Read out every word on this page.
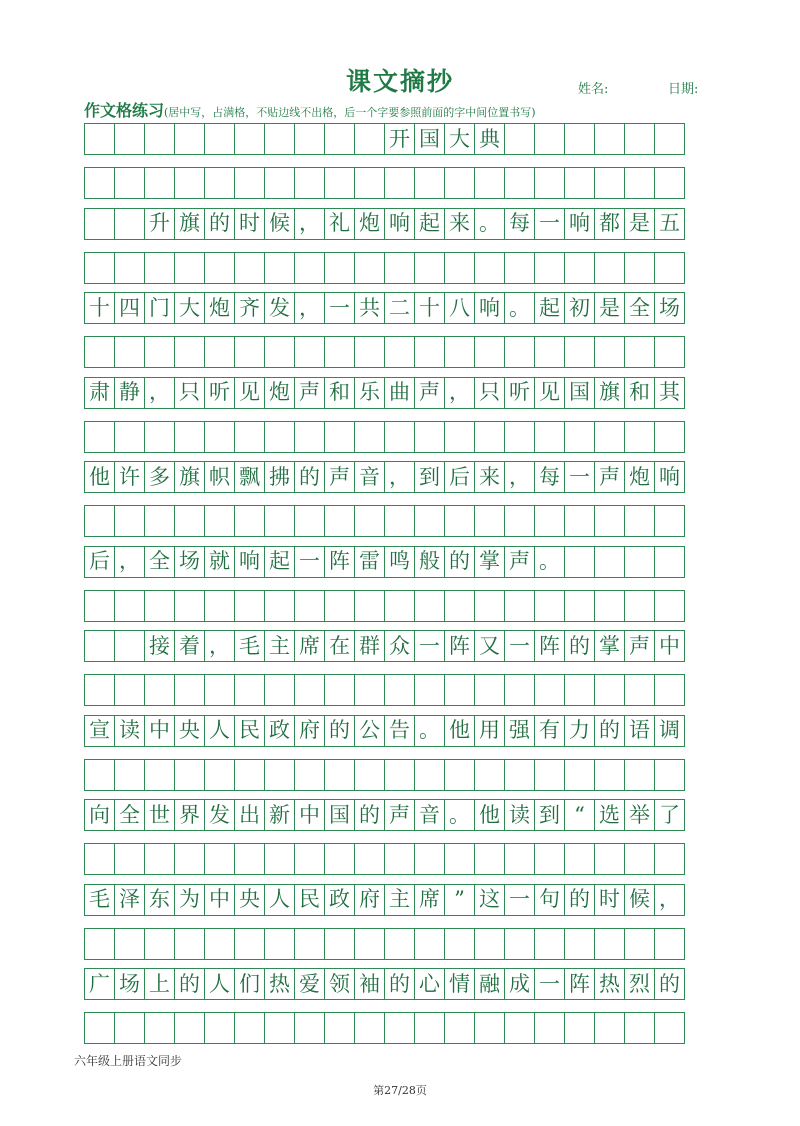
课文摘抄	姓名:	日期:
作文格练习(居中写，占满格，不贴边线不出格，后一个字要参照前面的字中间位置书写)
开 国 大 典
升 旗 的 时 候 ， 礼 炮 响 起 来 。 每 一 响 都 是 五
十 四 门 大 炮 齐 发 ， 一 共 二 十 八 响 。 起 初 是 全 场
肃 静 ， 只 听 见 炮 声 和 乐 曲 声 ， 只 听 见 国 旗 和 其
他 许 多 旗 帜 飘 拂 的 声 音 ， 到 后 来 ， 每 一 声 炮 响
后 ， 全 场 就 响 起 一 阵 雷 鸣 般 的 掌 声 。
接 着 ， 毛 主 席 在 群 众 一 阵 又 一 阵 的 掌 声 中
宣 读 中 央 人 民 政 府 的 公 告 。 他 用 强 有 力 的 语 调
向 全 世 界 发 出 新 中 国 的 声 音 。 他 读 到 “ 选 举 了
毛 泽 东 为 中 央 人 民 政 府 主 席 ” 这 一 句 的 时 候 ，
广 场 上 的 人 们 热 爱 领 袖 的 心 情 融 成 一 阵 热 烈 的
六年级上册语文同步
第27/28页
